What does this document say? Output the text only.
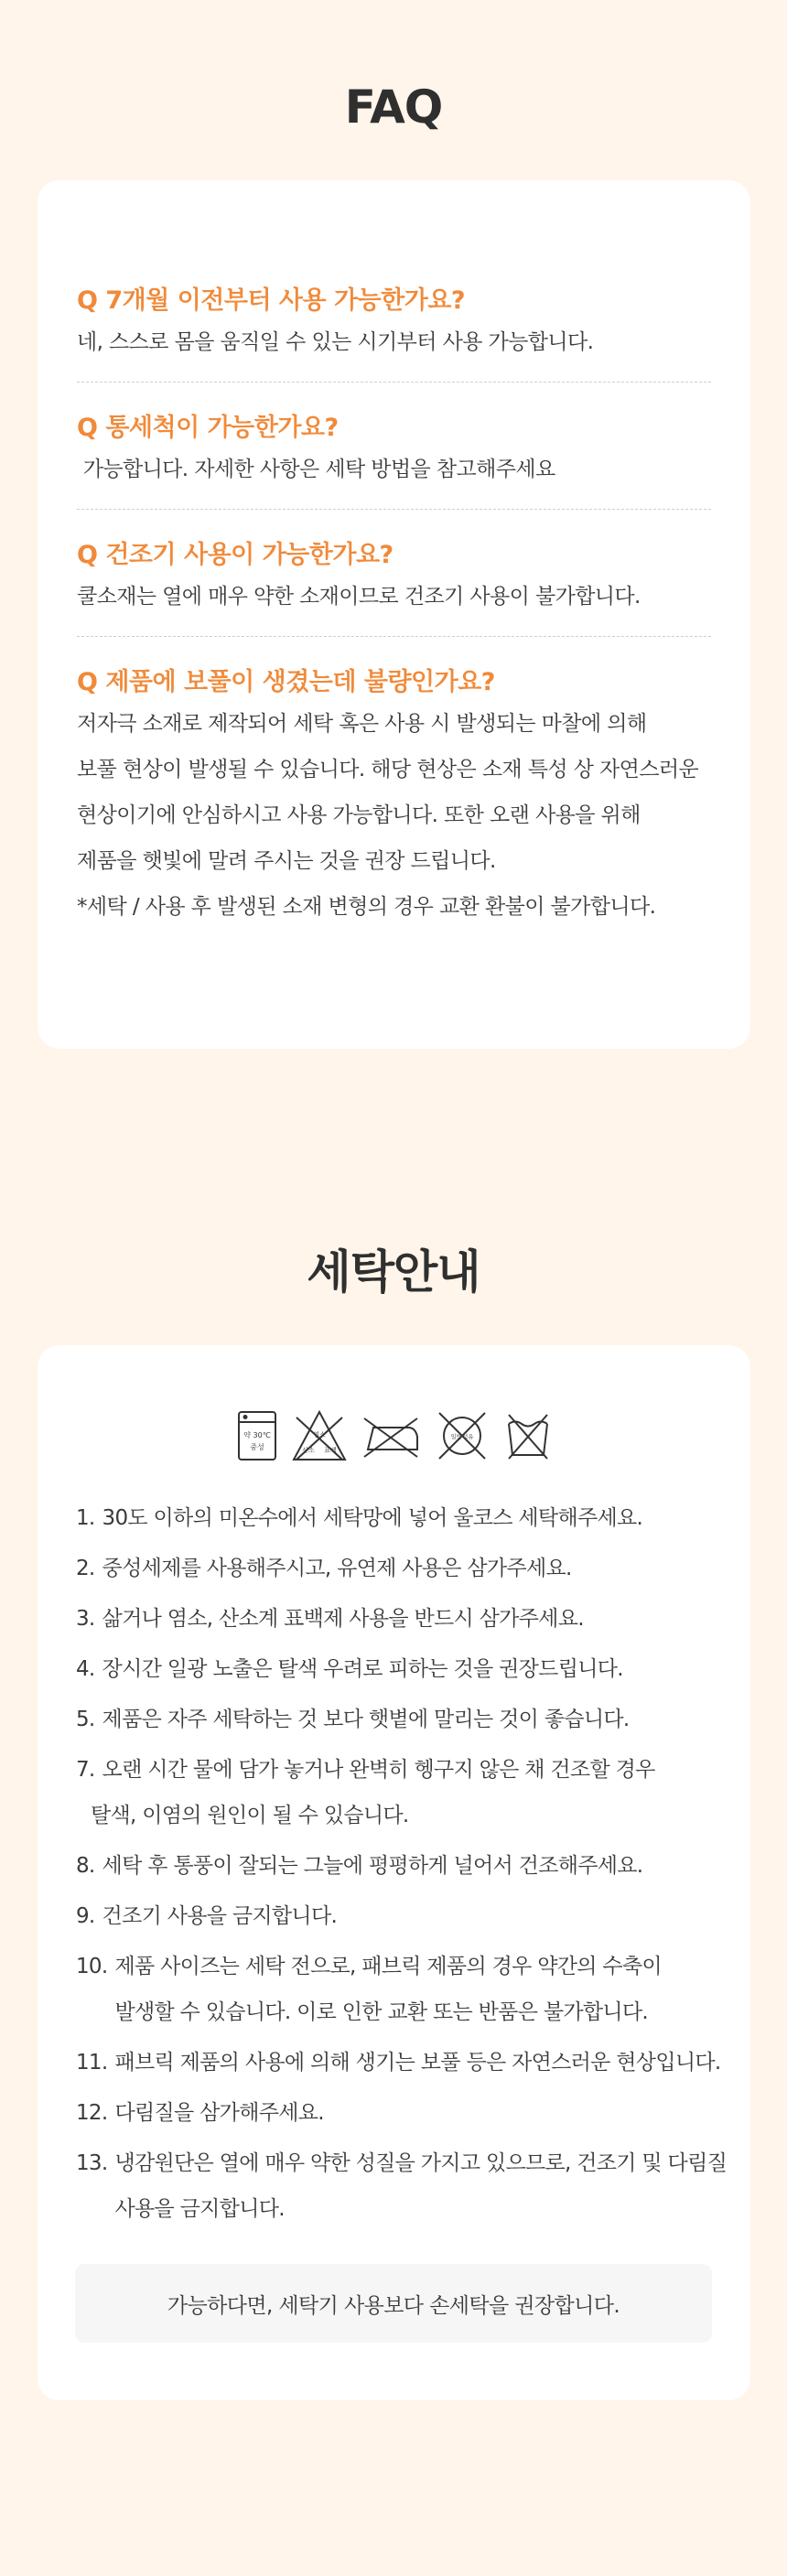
FAQ
Q 7개월 이전부터 사용 가능한가요?
네, 스스로 몸을 움직일 수 있는 시기부터 사용 가능합니다.
Q 통세척이 가능한가요?
가능합니다. 자세한 사항은 세탁 방법을 참고해주세요
Q 건조기 사용이 가능한가요?
쿨소재는 열에 매우 약한 소재이므로 건조기 사용이 불가합니다.
Q 제품에 보풀이 생겼는데 불량인가요?
저자극 소재로 제작되어 세탁 혹은 사용 시 발생되는 마찰에 의해
보풀 현상이 발생될 수 있습니다. 해당 현상은 소재 특성 상 자연스러운
현상이기에 안심하시고 사용 가능합니다. 또한 오랜 사용을 위해
제품을 햇빛에 말려 주시는 것을 권장 드립니다.
*세탁 / 사용 후 발생된 소재 변형의 경우 교환 환불이 불가합니다.
세탁안내
약 30℃
중성
염소
산소 표백
일반석유
1. 30도 이하의 미온수에서 세탁망에 넣어 울코스 세탁해주세요.
2. 중성세제를 사용해주시고, 유연제 사용은 삼가주세요.
3. 삶거나 염소, 산소계 표백제 사용을 반드시 삼가주세요.
4. 장시간 일광 노출은 탈색 우려로 피하는 것을 권장드립니다.
5. 제품은 자주 세탁하는 것 보다 햇볕에 말리는 것이 좋습니다.
7. 오랜 시간 물에 담가 놓거나 완벽히 헹구지 않은 채 건조할 경우
탈색, 이염의 원인이 될 수 있습니다.
8. 세탁 후 통풍이 잘되는 그늘에 평평하게 널어서 건조해주세요.
9. 건조기 사용을 금지합니다.
10. 제품 사이즈는 세탁 전으로, 패브릭 제품의 경우 약간의 수축이
발생할 수 있습니다. 이로 인한 교환 또는 반품은 불가합니다.
11. 패브릭 제품의 사용에 의해 생기는 보풀 등은 자연스러운 현상입니다.
12. 다림질을 삼가해주세요.
13. 냉감원단은 열에 매우 약한 성질을 가지고 있으므로, 건조기 및 다림질
사용을 금지합니다.
가능하다면, 세탁기 사용보다 손세탁을 권장합니다.
